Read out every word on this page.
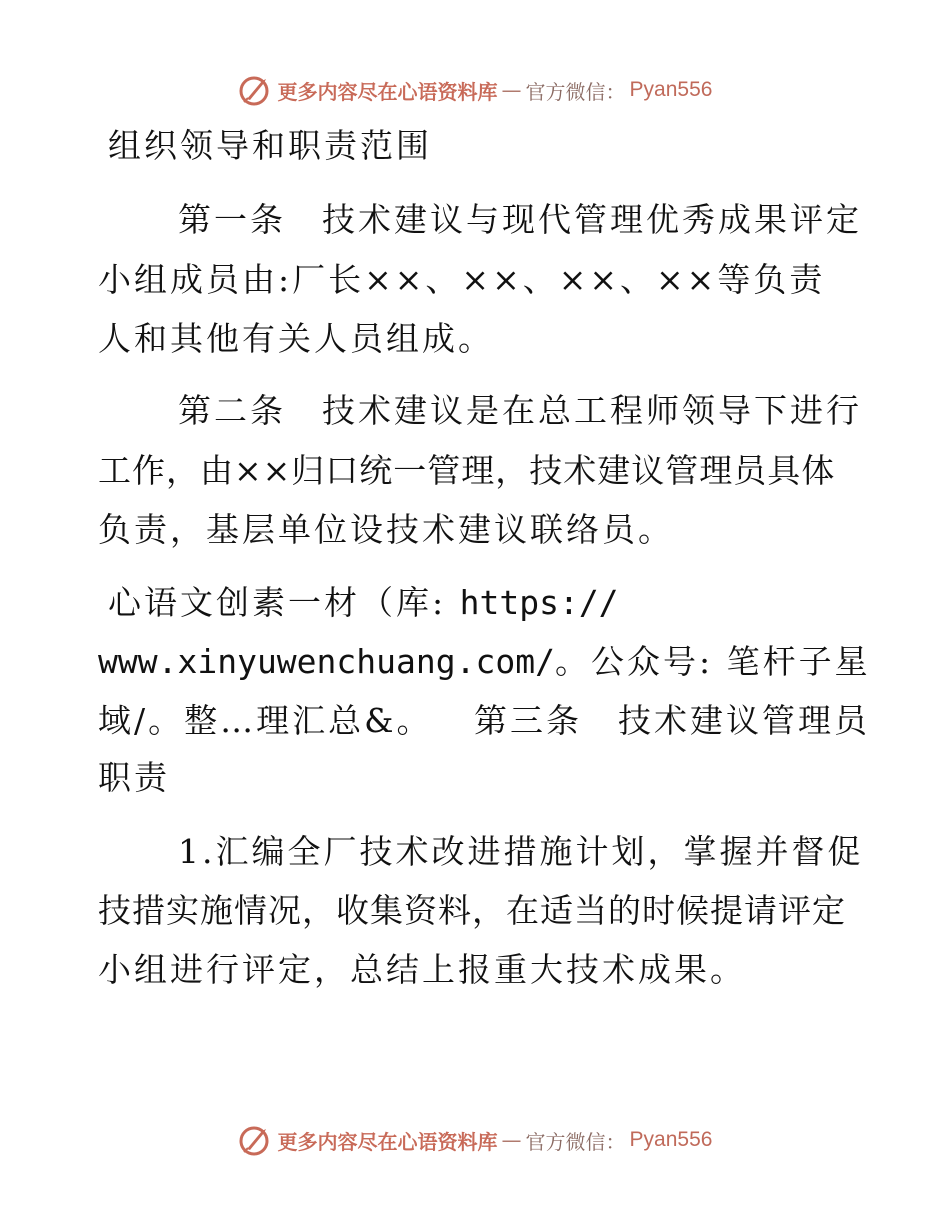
更多内容尽在心语资料库 — 官方微信： Pyan556
组织领导和职责范围
第一条　技术建议与现代管理优秀成果评定
小组成员由:厂长××、××、××、××等负责
人和其他有关人员组成。
第二条　技术建议是在总工程师领导下进行
工作，由××归口统一管理，技术建议管理员具体
负责，基层单位设技术建议联络员。
心语文创素一材（库: https://
www.xinyuwenchuang.com/。公众号: 笔杆子星
域/。整…理汇总&。 第三条　技术建议管理员
职责
1.汇编全厂技术改进措施计划，掌握并督促
技措实施情况，收集资料，在适当的时候提请评定
小组进行评定，总结上报重大技术成果。
更多内容尽在心语资料库 — 官方微信： Pyan556
